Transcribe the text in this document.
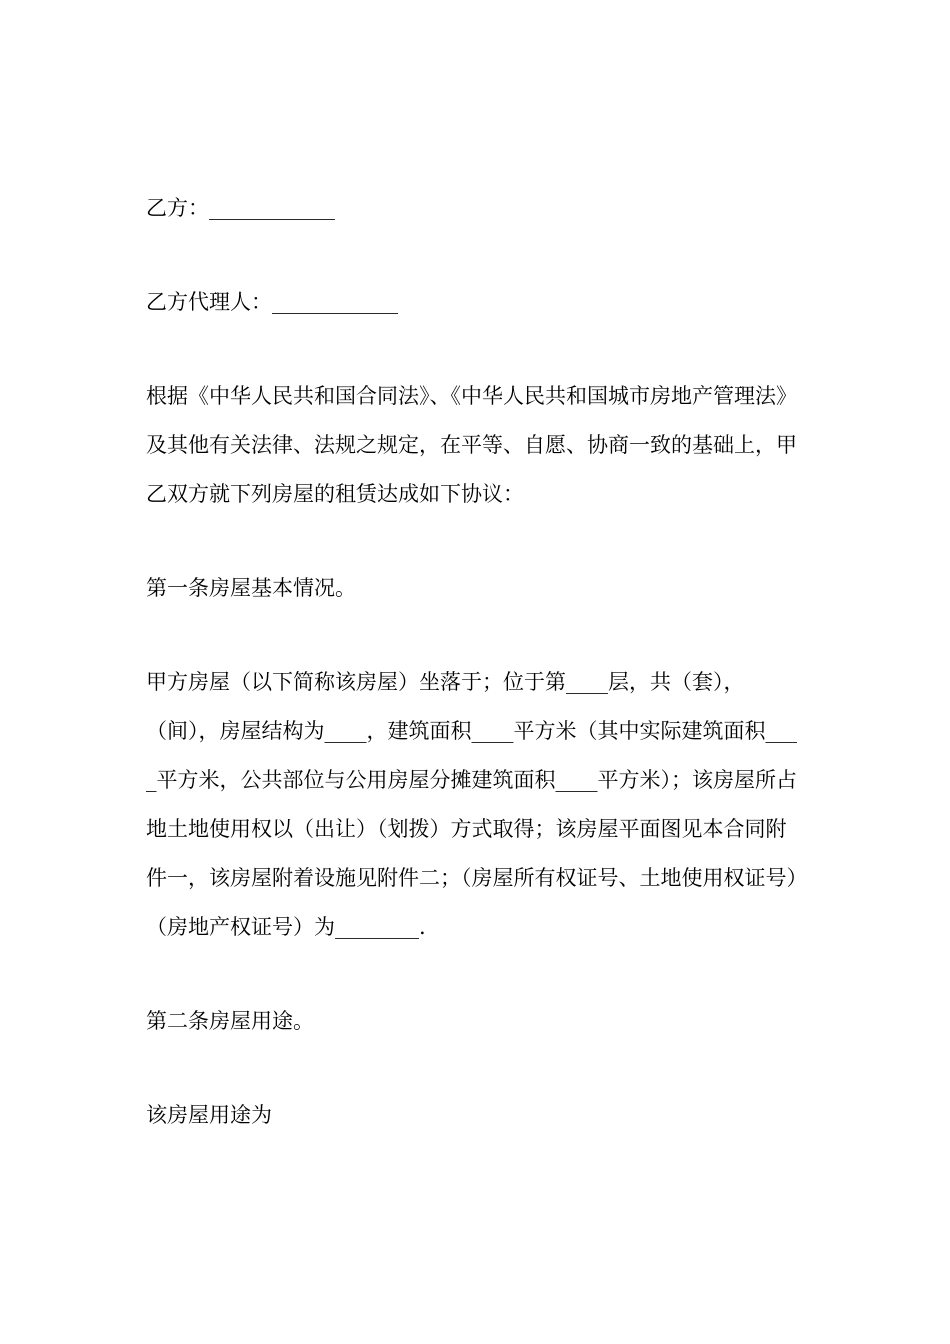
乙方：____________

乙方代理人：____________

根据《中华人民共和国合同法》、《中华人民共和国城市房地产管理法》及其他有关法律、法规之规定，在平等、自愿、协商一致的基础上，甲乙双方就下列房屋的租赁达成如下协议：

第一条房屋基本情况。

甲方房屋（以下简称该房屋）坐落于；位于第____层，共（套），（间），房屋结构为____，建筑面积____平方米（其中实际建筑面积____平方米，公共部位与公用房屋分摊建筑面积____平方米）；该房屋所占地土地使用权以（出让）（划拨）方式取得；该房屋平面图见本合同附件一，该房屋附着设施见附件二；（房屋所有权证号、土地使用权证号）（房地产权证号）为________.

第二条房屋用途。

该房屋用途为
